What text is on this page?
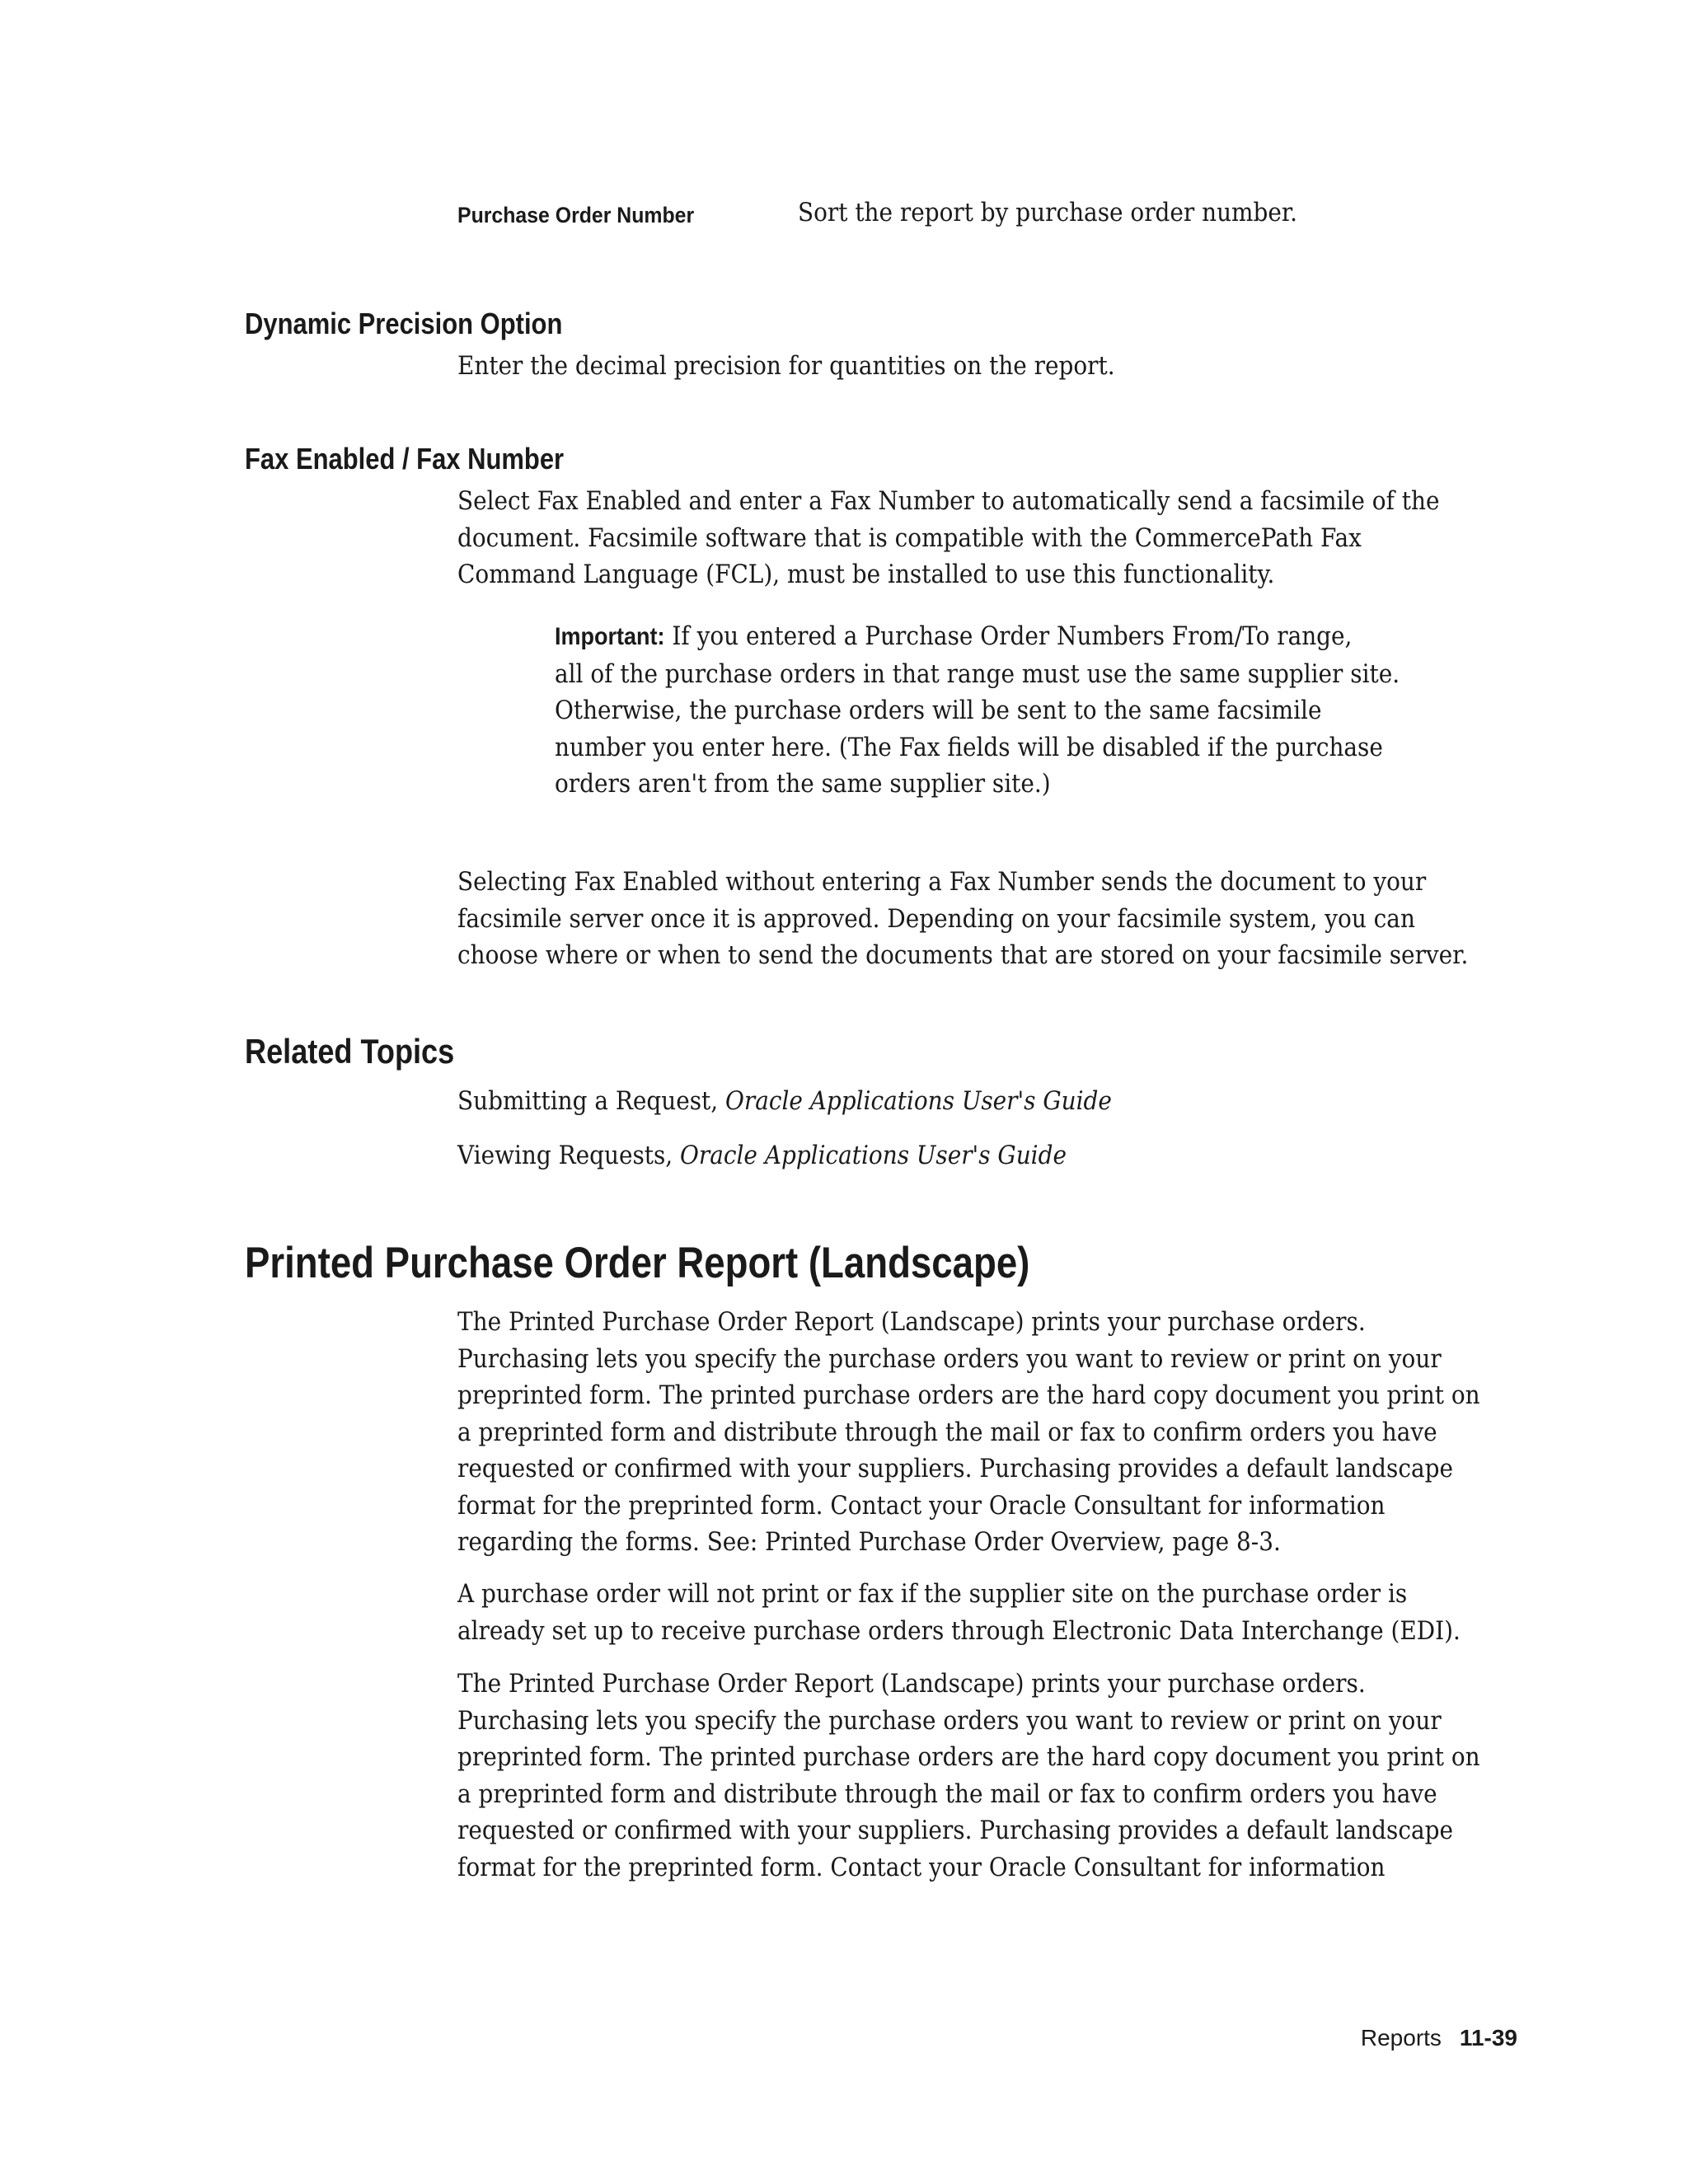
Purchase Order Number	Sort the report by purchase order number.
Dynamic Precision Option
Enter the decimal precision for quantities on the report.
Fax Enabled / Fax Number
Select Fax Enabled and enter a Fax Number to automatically send a facsimile of the
document. Facsimile software that is compatible with the CommercePath Fax
Command Language (FCL), must be installed to use this functionality.
Important: If you entered a Purchase Order Numbers From/To range,
all of the purchase orders in that range must use the same supplier site.
Otherwise, the purchase orders will be sent to the same facsimile
number you enter here. (The Fax fields will be disabled if the purchase
orders aren't from the same supplier site.)
Selecting Fax Enabled without entering a Fax Number sends the document to your
facsimile server once it is approved. Depending on your facsimile system, you can
choose where or when to send the documents that are stored on your facsimile server.
Related Topics
Submitting a Request, Oracle Applications User's Guide
Viewing Requests, Oracle Applications User's Guide
Printed Purchase Order Report (Landscape)
The Printed Purchase Order Report (Landscape) prints your purchase orders.
Purchasing lets you specify the purchase orders you want to review or print on your
preprinted form. The printed purchase orders are the hard copy document you print on
a preprinted form and distribute through the mail or fax to confirm orders you have
requested or confirmed with your suppliers. Purchasing provides a default landscape
format for the preprinted form. Contact your Oracle Consultant for information
regarding the forms. See: Printed Purchase Order Overview, page 8-3.
A purchase order will not print or fax if the supplier site on the purchase order is
already set up to receive purchase orders through Electronic Data Interchange (EDI).
The Printed Purchase Order Report (Landscape) prints your purchase orders.
Purchasing lets you specify the purchase orders you want to review or print on your
preprinted form. The printed purchase orders are the hard copy document you print on
a preprinted form and distribute through the mail or fax to confirm orders you have
requested or confirmed with your suppliers. Purchasing provides a default landscape
format for the preprinted form. Contact your Oracle Consultant for information
Reports 11-39
